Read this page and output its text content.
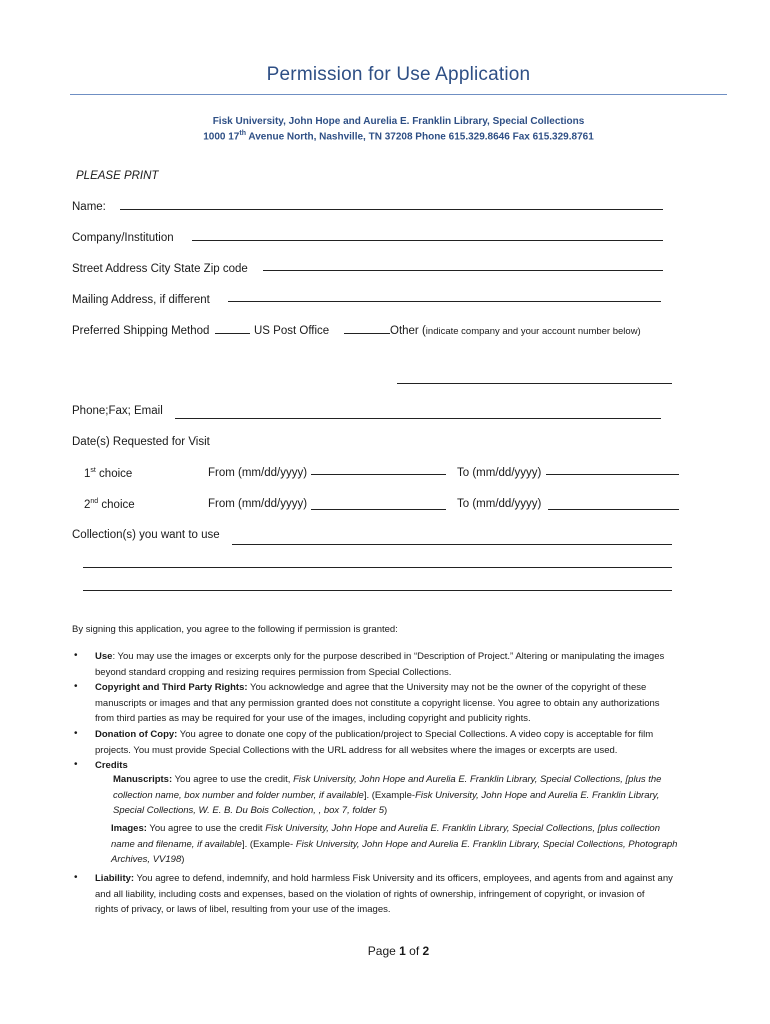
Permission for Use Application
Fisk University, John Hope and Aurelia E. Franklin Library, Special Collections
1000 17th Avenue North, Nashville, TN 37208 Phone 615.329.8646 Fax 615.329.8761
PLEASE PRINT
Name:
Company/Institution
Street Address City State Zip code
Mailing Address, if different
Preferred Shipping Method	US Post Office	Other (indicate company and your account number below)
Phone;Fax; Email
Date(s) Requested for Visit
1st choice	From (mm/dd/yyyy)	To (mm/dd/yyyy)
2nd choice	From (mm/dd/yyyy)	To (mm/dd/yyyy)
Collection(s) you want to use
By signing this application, you agree to the following if permission is granted:
• Use: You may use the images or excerpts only for the purpose described in “Description of Project.” Altering or manipulating the images
beyond standard cropping and resizing requires permission from Special Collections.
• Copyright and Third Party Rights: You acknowledge and agree that the University may not be the owner of the copyright of these
manuscripts or images and that any permission granted does not constitute a copyright license. You agree to obtain any authorizations
from third parties as may be required for your use of the images, including copyright and publicity rights.
• Donation of Copy: You agree to donate one copy of the publication/project to Special Collections. A video copy is acceptable for film
projects. You must provide Special Collections with the URL address for all websites where the images or excerpts are used.
• Credits
Manuscripts: You agree to use the credit, Fisk University, John Hope and Aurelia E. Franklin Library, Special Collections, [plus the
collection name, box number and folder number, if available]. (Example-Fisk University, John Hope and Aurelia E. Franklin Library,
Special Collections, W. E. B. Du Bois Collection, , box 7, folder 5)
Images: You agree to use the credit Fisk University, John Hope and Aurelia E. Franklin Library, Special Collections, [plus collection
name and filename, if available]. (Example- Fisk University, John Hope and Aurelia E. Franklin Library, Special Collections, Photograph
Archives, VV198)
• Liability: You agree to defend, indemnify, and hold harmless Fisk University and its officers, employees, and agents from and against any
and all liability, including costs and expenses, based on the violation of rights of ownership, infringement of copyright, or invasion of
rights of privacy, or laws of libel, resulting from your use of the images.
Page 1 of 2
